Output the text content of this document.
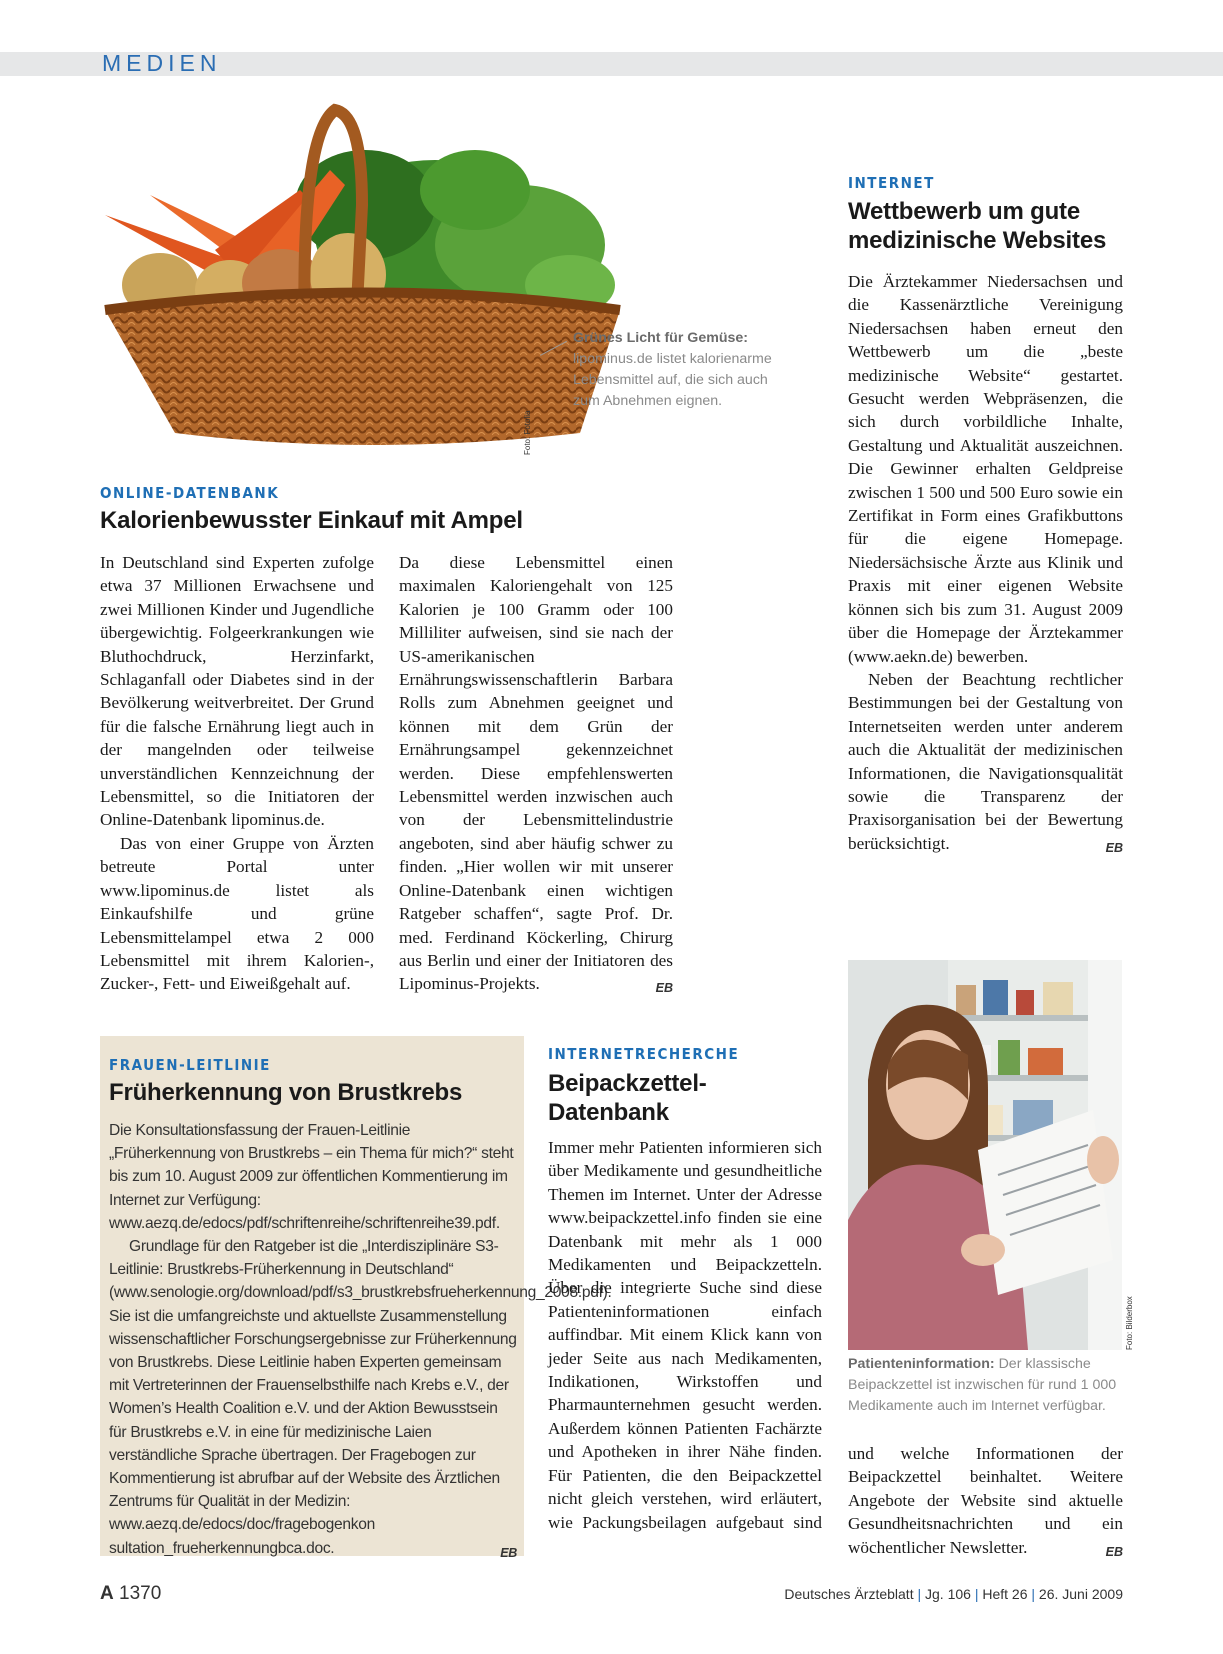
MEDIEN
Foto: Fotolia
Grünes Licht für Gemüse:
lipominus.de listet kalorienarme Lebensmittel auf, die sich auch zum Abnehmen eignen.
ONLINE-DATENBANK
Kalorienbewusster Einkauf mit Ampel

In Deutschland sind Experten zufolge etwa 37 Millionen Erwachsene und zwei Millionen Kinder und Jugendliche übergewichtig. Folgeerkrankungen wie Bluthochdruck, Herzinfarkt, Schlaganfall oder Diabetes sind in der Bevölkerung weitverbreitet. Der Grund für die falsche Ernährung liegt auch in der mangelnden oder teilweise unverständlichen Kennzeichnung der Lebensmittel, so die Initiatoren der Online-Datenbank lipominus.de.

Das von einer Gruppe von Ärzten betreute Portal unter www.lipominus.de listet als Einkaufshilfe und grüne Lebensmittelampel etwa 2 000 Lebensmittel mit ihrem Kalorien-, Zucker-, Fett- und Eiweißgehalt auf.

Da diese Lebensmittel einen maximalen Kaloriengehalt von 125 Kalorien je 100 Gramm oder 100 Milliliter aufweisen, sind sie nach der US-amerikanischen Ernährungswissenschaftlerin Barbara Rolls zum Abnehmen geeignet und können mit dem Grün der Ernährungsampel gekennzeichnet werden. Diese empfehlenswerten Lebensmittel werden inzwischen auch von der Lebensmittelindustrie angeboten, sind aber häufig schwer zu finden. „Hier wollen wir mit unserer Online-Datenbank einen wichtigen Ratgeber schaffen“, sagte Prof. Dr. med. Ferdinand Köckerling, Chirurg aus Berlin und einer der Initiatoren des Lipominus-Projekts.	EB

INTERNET
Wettbewerb um gute medizinische Websites

Die Ärztekammer Niedersachsen und die Kassenärztliche Vereinigung Niedersachsen haben erneut den Wettbewerb um die „beste medizinische Website“ gestartet. Gesucht werden Webpräsenzen, die sich durch vorbildliche Inhalte, Gestaltung und Aktualität auszeichnen. Die Gewinner erhalten Geldpreise zwischen 1 500 und 500 Euro sowie ein Zertifikat in Form eines Grafikbuttons für die eigene Homepage. Niedersächsische Ärzte aus Klinik und Praxis mit einer eigenen Website können sich bis zum 31. August 2009 über die Homepage der Ärztekammer (www.aekn.de) bewerben.

Neben der Beachtung rechtlicher Bestimmungen bei der Gestaltung von Internetseiten werden unter anderem auch die Aktualität der medizinischen Informationen, die Navigationsqualität sowie die Transparenz der Praxisorganisation bei der Bewertung berücksichtigt.	EB

FRAUEN-LEITLINIE
Früherkennung von Brustkrebs

Die Konsultationsfassung der Frauen-Leitlinie „Früherkennung von Brustkrebs – ein Thema für mich?“ steht bis zum 10. August 2009 zur öffentlichen Kommentierung im Internet zur Verfügung: www.aezq.de/edocs/pdf/schriftenreihe/schriftenreihe39.pdf.

Grundlage für den Ratgeber ist die „Interdisziplinäre S3-Leitlinie: Brustkrebs-Früherkennung in Deutschland“ (www.senologie.org/download/pdf/s3_brustkrebsfrueherkennung_2008.pdf). Sie ist die umfangreichste und aktuellste Zusammenstellung wissenschaftlicher Forschungsergebnisse zur Früherkennung von Brustkrebs. Diese Leitlinie haben Experten gemeinsam mit Vertreterinnen der Frauenselbsthilfe nach Krebs e.V., der Women’s Health Coalition e.V. und der Aktion Bewusstsein für Brustkrebs e.V. in eine für medizinische Laien verständliche Sprache übertragen. Der Fragebogen zur Kommentierung ist abrufbar auf der Website des Ärztlichen Zentrums für Qualität in der Medizin: www.aezq.de/edocs/doc/fragebogenkon sultation_frueherkennungbca.doc.	EB

INTERNETRECHERCHE
Beipackzettel-
Datenbank

Immer mehr Patienten informieren sich über Medikamente und gesundheitliche Themen im Internet. Unter der Adresse www.beipackzettel.info finden sie eine Datenbank mit mehr als 1 000 Medikamenten und Beipackzetteln. Über die integrierte Suche sind diese Patienteninformationen einfach auffindbar. Mit einem Klick kann von jeder Seite aus nach Medikamenten, Indikationen, Wirkstoffen und Pharmaunternehmen gesucht werden. Außerdem können Patienten Fachärzte und Apotheken in ihrer Nähe finden. Für Patienten, die den Beipackzettel nicht gleich verstehen, wird erläutert, wie Packungsbeilagen aufgebaut sind

Foto: Bilderbox
Patienteninformation: Der klassische Beipackzettel ist inzwischen für rund 1 000 Medikamente auch im Internet verfügbar.

und welche Informationen der Beipackzettel beinhaltet. Weitere Angebote der Website sind aktuelle Gesundheitsnachrichten und ein wöchentlicher Newsletter.	EB

A 1370	Deutsches Ärzteblatt | Jg. 106 | Heft 26 | 26. Juni 2009
